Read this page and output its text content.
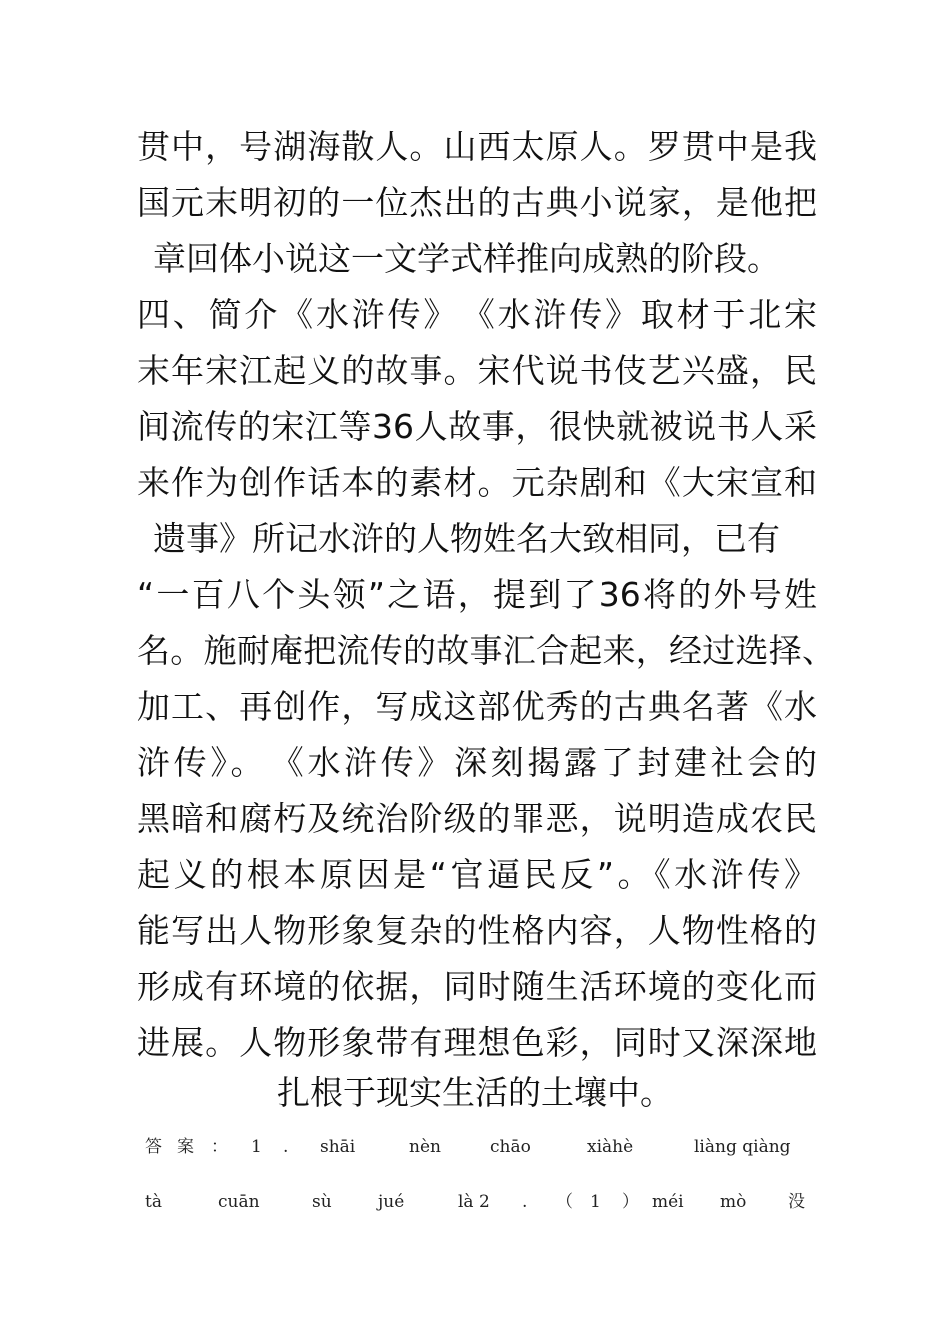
贯中，号湖海散人。山西太原人。罗贯中是我
国元末明初的一位杰出的古典小说家，是他把
章回体小说这一文学式样推向成熟的阶段。
四、简介《水浒传》　《水浒传》取材于北宋
末年宋江起义的故事。宋代说书伎艺兴盛，民
间流传的宋江等36人故事，很快就被说书人采
来作为创作话本的素材。元杂剧和《大宋宣和
遗事》所记水浒的人物姓名大致相同，已有
“一百八个头领”之语，提到了36将的外号姓
名。施耐庵把流传的故事汇合起来，经过选择、
加工、再创作，写成这部优秀的古典名著《水
浒传》。　《水浒传》深刻揭露了封建社会的
黑暗和腐朽及统治阶级的罪恶，说明造成农民
起义的根本原因是“官逼民反”。《水浒传》
能写出人物形象复杂的性格内容，人物性格的
形成有环境的依据，同时随生活环境的变化而
进展。人物形象带有理想色彩，同时又深深地
扎根于现实生活的土壤中。
答 案 ： 1 . shāi	nèn	chāo	xiàhè	liàng qiàng
tà	cuān	sù	jué	là 2 . （ 1 ） méi mò 没
